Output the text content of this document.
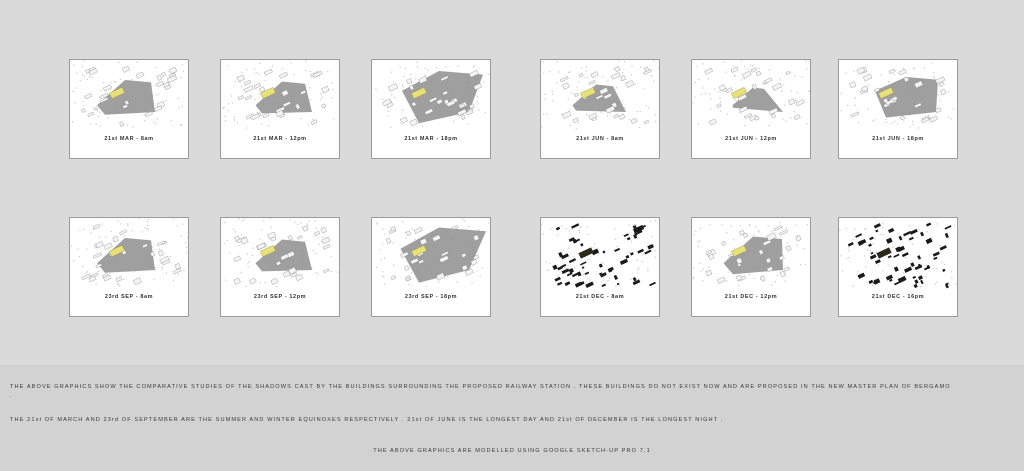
21st MAR - 8am	21st MAR - 12pm	21st MAR - 18pm	21st JUN - 8am	21st JUN - 12pm	21st JUN - 18pm
23rd SEP - 8am	23rd SEP - 12pm	23rd SEP - 18pm	21st DEC - 8am	21st DEC - 12pm	21st DEC - 16pm
THE ABOVE GRAPHICS SHOW THE COMPARATIVE STUDIES OF THE SHADOWS CAST BY THE BUILDINGS SURROUNDING THE PROPOSED RAILWAY STATION . THESE BUILDINGS DO NOT EXIST NOW AND ARE PROPOSED IN THE NEW MASTER PLAN OF BERGAMO
.
THE 21st OF MARCH AND 23rd OF SEPTEMBER ARE THE SUMMER AND WINTER EQUINOXES RESPECTIVELY . 21st OF JUNE IS THE LONGEST DAY AND 21st OF DECEMBER IS THE LONGEST NIGHT .
THE ABOVE GRAPHICS ARE MODELLED USING GOOGLE SKETCH-UP PRO 7.1
